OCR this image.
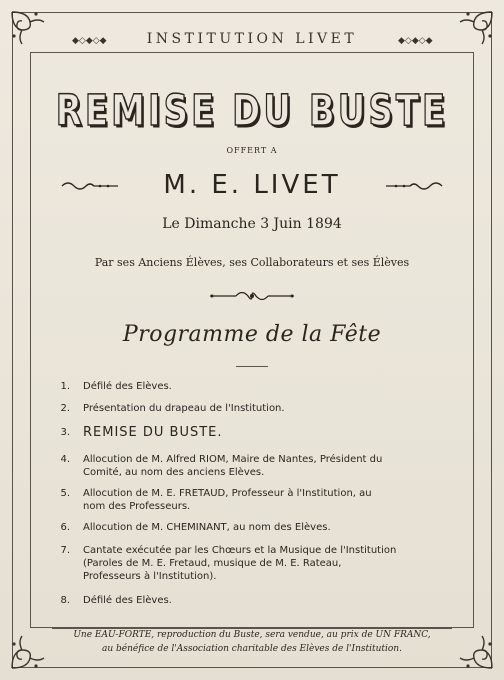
◆◇◆◇◆	INSTITUTION LIVET	◆◇◆◇◆
REMISE DU BUSTE
OFFERT A
M. E. LIVET
Le Dimanche 3 Juin 1894
Par ses Anciens Élèves, ses Collaborateurs et ses Élèves
Programme de la Fête
1. Défilé des Elèves.
2. Présentation du drapeau de l'Institution.
3. REMISE DU BUSTE.
4. Allocution de M. Alfred RIOM, Maire de Nantes, Président du
Comité, au nom des anciens Elèves.
5. Allocution de M. E. FRETAUD, Professeur à l'Institution, au
nom des Professeurs.
6. Allocution de M. CHEMINANT, au nom des Elèves.
7. Cantate exécutée par les Chœurs et la Musique de l'Institution
(Paroles de M. E. Fretaud, musique de M. E. Rateau,
Professeurs à l'Institution).
8. Défilé des Elèves.
Une EAU-FORTE, reproduction du Buste, sera vendue, au prix de UN FRANC,
au bénéfice de l'Association charitable des Elèves de l'Institution.
